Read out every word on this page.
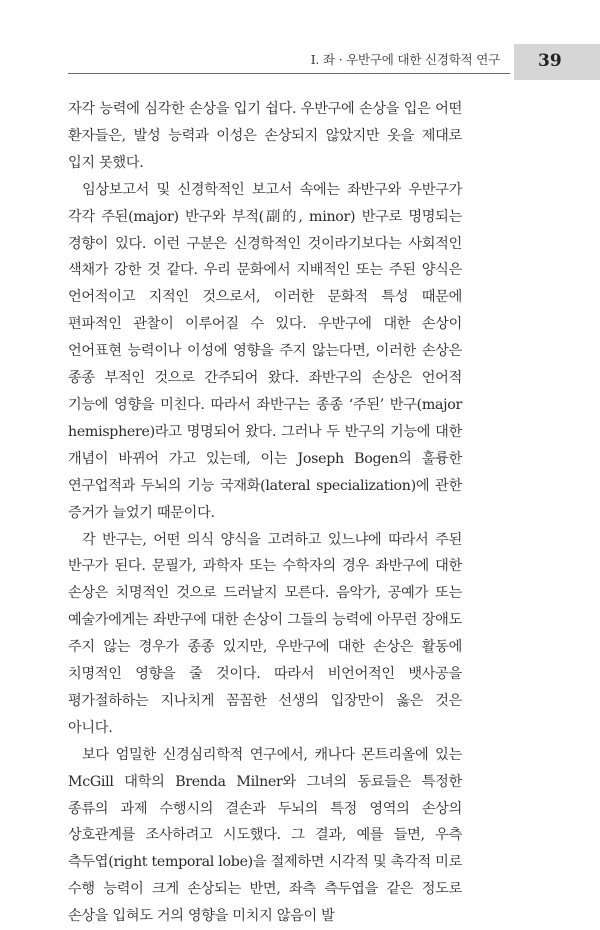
I. 좌 · 우반구에 대한 신경학적 연구 39

자각 능력에 심각한 손상을 입기 쉽다. 우반구에 손상을 입은 어떤 환자들은, 발성 능력과 이성은 손상되지 않았지만 옷을 제대로 입지 못했다.

임상보고서 및 신경학적인 보고서 속에는 좌반구와 우반구가 각각 주된(major) 반구와 부적(副的, minor) 반구로 명명되는 경향이 있다. 이런 구분은 신경학적인 것이라기보다는 사회적인 색채가 강한 것 같다. 우리 문화에서 지배적인 또는 주된 양식은 언어적이고 지적인 것으로서, 이러한 문화적 특성 때문에 편파적인 관찰이 이루어질 수 있다. 우반구에 대한 손상이 언어표현 능력이나 이성에 영향을 주지 않는다면, 이러한 손상은 종종 부적인 것으로 간주되어 왔다. 좌반구의 손상은 언어적 기능에 영향을 미친다. 따라서 좌반구는 종종 ‘주된’ 반구(major hemisphere)라고 명명되어 왔다. 그러나 두 반구의 기능에 대한 개념이 바뀌어 가고 있는데, 이는 Joseph Bogen의 훌륭한 연구업적과 두뇌의 기능 국재화(lateral specialization)에 관한 증거가 늘었기 때문이다.

각 반구는, 어떤 의식 양식을 고려하고 있느냐에 따라서 주된 반구가 된다. 문필가, 과학자 또는 수학자의 경우 좌반구에 대한 손상은 치명적인 것으로 드러날지 모른다. 음악가, 공예가 또는 예술가에게는 좌반구에 대한 손상이 그들의 능력에 아무런 장애도 주지 않는 경우가 종종 있지만, 우반구에 대한 손상은 활동에 치명적인 영향을 줄 것이다. 따라서 비언어적인 뱃사공을 평가절하하는 지나치게 꼼꼼한 선생의 입장만이 옳은 것은 아니다.

보다 엄밀한 신경심리학적 연구에서, 캐나다 몬트리올에 있는 McGill 대학의 Brenda Milner와 그녀의 동료들은 특정한 종류의 과제 수행시의 결손과 두뇌의 특정 영역의 손상의 상호관계를 조사하려고 시도했다. 그 결과, 예를 들면, 우측 측두엽(right temporal lobe)을 절제하면 시각적 및 촉각적 미로 수행 능력이 크게 손상되는 반면, 좌측 측두엽을 같은 정도로 손상을 입혀도 거의 영향을 미치지 않음이 발
